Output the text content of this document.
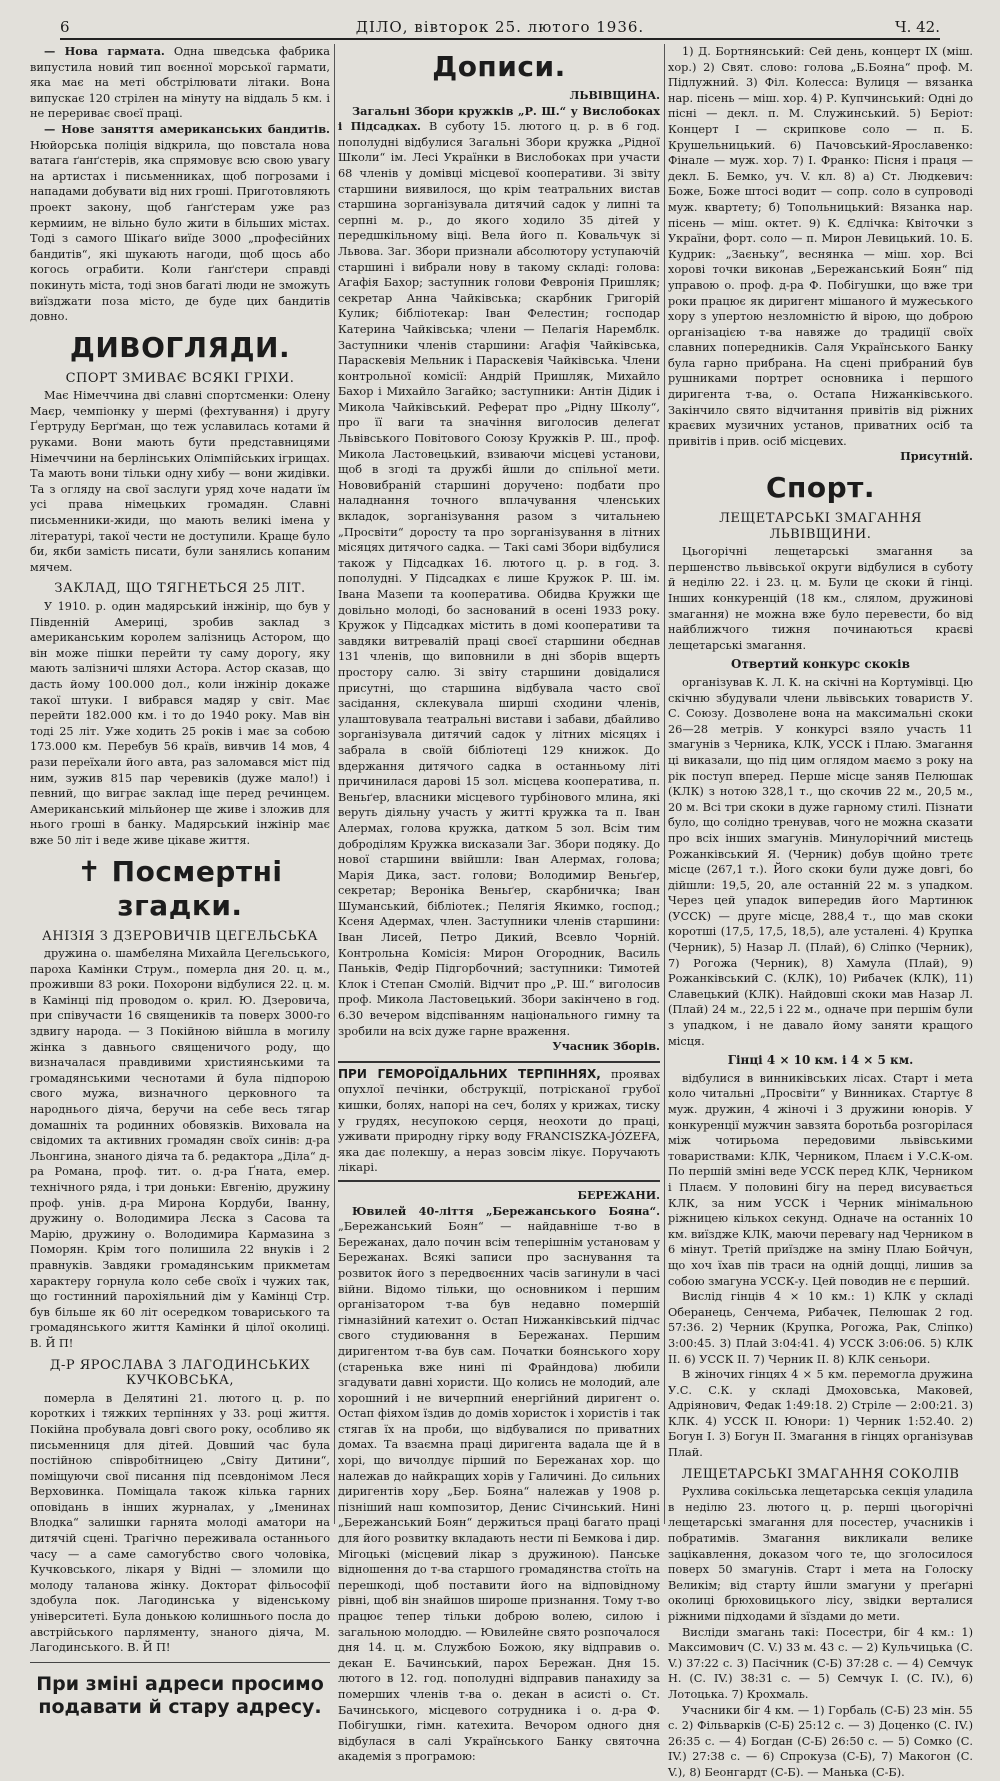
6	ДІЛО, вівторок 25. лютого 1936.	Ч. 42.

— Нова гармата. Одна шведська фабрика випустила новий тип воєнної морської гармати, яка має на меті обстрілювати літаки. Вона випускає 120 стрілен на мінуту на віддаль 5 км. і не перериває своєї праці.

— Нове заняття американських бандитів. Нюйорська поліція відкрила, що повстала нова ватага ґанґстерів, яка спрямовує всю свою увагу на артистах і письменниках, щоб погрозами і нападами добувати від них гроші. Приготовляють проект закону, щоб ґанґстерам уже раз кермиим, не вільно було жити в більших містах. Тоді з самого Шікаґо виїде 3000 „професійних бандитів“, які шукають нагоди, щоб щось або когось ограбити. Коли ґанґстери справді покинуть міста, тоді знов багаті люди не зможуть виїзджати поза місто, де буде цих бандитів довно.

ДИВОГЛЯДИ.
СПОРТ ЗМИВАЄ ВСЯКІ ГРІХИ.

Має Німеччина дві славні спортсменки: Олену Маєр, чемпіонку у шермі (фехтування) і другу Ґертруду Берґман, що теж уславилась котами й руками. Вони мають бути представницями Німеччини на берлінських Олімпійських ігрищах. Та мають вони тільки одну хибу — вони жидівки. Та з огляду на свої заслуги уряд хоче надати їм усі права німецьких громадян. Славні письменники-жиди, що мають великі імена у літературі, такої чести не доступили. Краще було би, якби замість писати, були занялись копаним мячем.

ЗАКЛАД, ЩО ТЯГНЕТЬСЯ 25 ЛІТ.

У 1910. р. один мадярський інжінір, що був у Південній Америці, зробив заклад з американським королем залізниць Астором, що він може пішки перейти ту саму дорогу, яку мають залізничі шляхи Астора. Астор сказав, що дасть йому 100.000 дол., коли інжінір докаже такої штуки. І вибрався мадяр у світ. Має перейти 182.000 км. і то до 1940 року. Мав він тоді 25 літ. Уже ходить 25 років і має за собою 173.000 км. Перебув 56 країв, вивчив 14 мов, 4 рази переїхали його авта, раз заломався міст під ним, зужив 815 пар черевиків (дуже мало!) і певний, що виграє заклад іще перед речинцем. Американський мільйонер ще живе і зложив для нього гроші в банку. Мадярський інжінір має вже 50 літ і веде живе цікаве життя.

✝ Посмертні згадки.
АНІЗІЯ З ДЗЕРОВИЧІВ ЦЕГЕЛЬСЬКА

дружина о. шамбеляна Михайла Цегельського, пароха Камінки Струм., померла дня 20. ц. м., проживши 83 роки. Похорони відбулися 22. ц. м. в Камінці під проводом о. крил. Ю. Дзеровича, при співучасти 16 священиків та поверх 3000-го здвигу народа. — З Покійною війшла в могилу жінка з давнього священичого роду, що визначалася правдивими християнськими та громадянськими чеснотами й була підпорою свого мужа, визначного церковного та народнього діяча, беручи на себе весь тягар домашніх та родинних обовязків. Виховала на свідомих та активних громадян своїх синів: д-ра Льонгина, знаного діяча та б. редактора „Діла“ д-ра Романа, проф. тит. о. д-ра Ґната, емер. технічного ряда, і три доньки: Евгенію, дружину проф. унів. д-ра Мирона Кордуби, Іванну, дружину о. Володимира Лєска з Сасова та Марію, дружину о. Володимира Кармазина з Поморян. Крім того полишила 22 внуків і 2 правнуків. Завдяки громадянським прикметам характеру горнула коло себе своїх і чужих так, що гостинний парохіяльний дім у Камінці Стр. був більше як 60 літ осередком товариського та громадянського життя Камінки й цілої околиці. В. Й П!

Д-Р ЯРОСЛАВА З ЛАГОДИНСЬКИХ КУЧКОВСЬКА,

померла в Делятині 21. лютого ц. р. по коротких і тяжких терпіннях у 33. році життя. Покійна пробувала довгі свого року, особливо як письменниця для дітей. Довший час була постійною співробітницею „Світу Дитини“, поміщуючи свої писання під псевдонімом Леся Верховинка. Поміщала також кілька гарних оповідань в інших журналах, у „Іменинах Влодка“ залишки гарнята молоді аматори на дитячій сцені. Трагічно переживала останнього часу — а саме самогубство свого чоловіка, Кучковського, лікаря у Відні — зломили що молоду таланова жінку. Докторат фільософії здобула пок. Лагодинська у віденському університеті. Була донькою колишнього посла до австрійського парляменту, знаного діяча, М. Лагодинського. В. Й П!

При зміні адреси просимо подавати й стару адресу.
Дописи.
ЛЬВІВЩИНА.

Загальні Збори кружків „Р. Ш.“ у Вислобоках і Підсадках. В суботу 15. лютого ц. р. в 6 год. пополудні відбулися Загальні Збори кружка „Рідної Школи“ ім. Лесі Українки в Вислобоках при участи 68 членів у домівці місцевої кооперативи. Зі звіту старшини виявилося, що крім театральних вистав старшина зорганізувала дитячий садок у липні та серпні м. р., до якого ходило 35 дітей у передшкільному віці. Вела його п. Ковальчук зі Львова. Заг. Збори признали абсолютору уступаючій старшині і вибрали нову в такому складі: голова: Агафія Бахор; заступник голови Февронія Пришляк; секретар Анна Чайківська; скарбник Григорій Кулик; бібліотекар: Іван Фелестин; господар Катерина Чайківська; члени — Пелагія Наремблк. Заступники членів старшини: Агафія Чайківська, Параскевія Мельник і Параскевія Чайківська. Члени контрольної комісії: Андрій Пришляк, Михайло Бахор і Михайло Загайко; заступники: Антін Дідик і Микола Чайківський. Реферат про „Рідну Школу“, про її ваги та значіння виголосив делегат Львівського Повітового Союзу Кружків Р. Ш., проф. Микола Ластовецький, взиваючи місцеві установи, щоб в згоді та дружбі йшли до спільної мети. Нововибраній старшині доручено: подбати про наладнання точного вплачування членських вкладок, зорганізування разом з читальнею „Просвіти“ доросту та про зорганізування в літних місяцях дитячого садка. — Такі самі Збори відбулися також у Підсадках 16. лютого ц. р. в год. 3. пополудні. У Підсадках є лише Кружок Р. Ш. ім. Івана Мазепи та кооператива. Обидва Кружки ще довільно молоді, бо заснований в осені 1933 року. Кружок у Підсадках містить в домі кооперативи та завдяки витревалій праці своєї старшини обєднав 131 членів, що виповнили в дні зборів вщерть простору салю. Зі звіту старшини довідалися присутні, що старшина відбувала часто свої засідання, склекувала ширші сходини членів, улаштовувала театральні вистави і забави, дбайливо зорганізувала дитячий садок у літних місяцях і забрала в своїй бібліотеці 129 книжок. До вдержання дитячого садка в останньому літі причинилася дарові 15 зол. місцева кооператива, п. Веньґер, власники місцевого турбінового млина, які веруть діяльну участь у житті кружка та п. Іван Алермах, голова кружка, датком 5 зол. Всім тим доброділям Кружка висказали Заг. Збори подяку. До нової старшини ввійшли: Іван Алермах, голова; Марія Дика, заст. голови; Володимир Веньґер, секретар; Вероніка Веньґер, скарбничка; Іван Шуманський, бібліотек.; Пелягія Якимко, господ.; Ксеня Адермах, член. Заступники членів старшини: Іван Лисей, Петро Дикий, Всевло Чорній. Контрольна Комісія: Мирон Огородник, Василь Паньків, Федір Підгорбочний; заступники: Тимотей Клок і Степан Смолій. Відчит про „Р. Ш.“ виголосив проф. Микола Ластовецький. Збори закінчено в год. 6.30 вечером відспіванням національного гимну та зробили на всіх дуже гарне враження.

Учасник Зборів.
ПРИ ГЕМОРОЇДАЛЬНИХ ТЕРПІННЯХ, проявах опухлої печінки, обструкції, потрісканої грубої кишки, болях, напорі на сеч, болях у крижах, тиску у грудях, несупокою серця, неохоти до праці, уживати природну гірку воду FRANCISZKA-JÓZEFA, яка дає полекшу, а нераз зовсім лікує. Поручають лікарі.
БЕРЕЖАНИ.

Ювилей 40-ліття „Бережанського Бояна“. „Бережанський Боян“ — найдавніше т-во в Бережанах, дало почин всім теперішнім установам у Бережанах. Всякі записи про заснування та розвиток його з передвоєнних часів загинули в часі війни. Відомо тільки, що основником і першим організатором т-ва був недавно помершій гімназійний катехит о. Остап Нижанківський підчас свого студиювання в Бережанах. Першим диригентом т-ва був сам. Початки боянського хору (старенька вже нині пі Фрайндова) любили згадувати давні хористи. Що колись не молодий, але хорошний і не вичерпний енергійний диригент о. Остап фіяхом їздив до домів хористок і хористів і так стягав їх на проби, що відбувалися по приватних домах. Та взаємна праці диригента вадала ще й в хорі, що вичолдує пірший по Бережанах хор. що належав до найкращих хорів у Галичині. До сильних диригентів хору „Бер. Бояна“ належав у 1908 р. пізніший наш композитор, Денис Січинський. Нині „Бережанський Боян“ держиться праці багато праці для його розвитку вкладають нести пі Бемкова і дир. Мігоцькі (місцевий лікар з дружиною). Панське відношення до т-ва старшого громадянства стоїть на перешкоді, щоб поставити його на відповідному рівні, щоб він знайшов широше признання. Тому т-во працює тепер тільки доброю волею, силою і загальною молоддю. — Ювилейне свято розпочалося дня 14. ц. м. Службою Божою, яку відправив о. декан Е. Бачинський, парох Бережан. Дня 15. лютого в 12. год. пополудні відправив панахиду за померших членів т-ва о. декан в асисті о. Ст. Бачинського, місцевого сотрудника і о. д-ра Ф. Побігушки, гімн. катехита. Вечором одного дня відбулася в салі Українського Банку святочна академія з програмою:

1) Д. Бортнянський: Сей день, концерт IX (міш. хор.) 2) Свят. слово: голова „Б.Бояна“ проф. М. Підлужний. 3) Філ. Колесса: Вулиця — вязанка нар. пісень — міш. хор. 4) Р. Купчинський: Одні до пісні — декл. п. М. Служинський. 5) Беріот: Концерт I — скрипкове соло — п. Б. Крушельницький. 6) Пачовський-Ярославенко: Фінале — муж. хор. 7) І. Франко: Пісня і праця — декл. Б. Бемко, уч. V. кл. 8) а) Ст. Людкевич: Боже, Боже штосі водит — сопр. соло в супроводі муж. квартету; б) Топольницький: Вязанка нар. пісень — міш. октет. 9) К. Єдлічка: Квіточки з України, форт. соло — п. Мирон Левицький. 10. Б. Кудрик: „Заєньку“, веснянка — міш. хор. Всі хорові точки виконав „Бережанський Боян“ під управою о. проф. д-ра Ф. Побігушки, що вже три роки працює як диригент мішаного й мужеського хору з упертою незломністю й вірою, що доброю організацією т-ва навяже до традиції своїх славних попередників. Саля Українського Банку була гарно прибрана. На сцені прибраний був рушниками портрет основника і першого диригента т-ва, о. Остапа Нижанківського. Закінчило свято відчитання привітів від ріжних краєвих музичних установ, приватних осіб та привітів і прив. осіб місцевих.

Присутній.
Спорт.
ЛЕЩЕТАРСЬКІ ЗМАГАННЯ ЛЬВІВЩИНИ.

Цьогорічні лещетарські змагання за першенство львівської округи відбулися в суботу й неділю 22. і 23. ц. м. Були це скоки й гінці. Інших конкуренцій (18 км., слялом, дружинові змагання) не можна вже було перевести, бо від найближчого тижня починаються краєві лещетарські змагання.

Отвертий конкурс скоків

організував К. Л. К. на скічні на Кортумівці. Цю скічню збудували члени львівських товариств У. С. Союзу. Дозволене вона на максимальні скоки 26—28 метрів. У конкурсі взяло участь 11 змагунів з Черника, КЛК, УССК і Плаю. Змагання ці виказали, що під цим оглядом маємо з року на рік поступ вперед. Перше місце заняв Пелюшак (КЛК) з нотою 328,1 т., що скочив 22 м., 20,5 м., 20 м. Всі три скоки в дуже гарному стилі. Пізнати було, що солідно тренував, чого не можна сказати про всіх інших змагунів. Минулорічний мистець Рожанківський Я. (Черник) добув щойно третє місце (267,1 т.). Його скоки були дуже довгі, бо дійшли: 19,5, 20, але останній 22 м. з упадком. Через цей упадок випередив його Мартинюк (УССК) — друге місце, 288,4 т., що мав скоки коротші (17,5, 17,5, 18,5), але усталені. 4) Крупка (Черник), 5) Назар Л. (Плай), 6) Сліпко (Черник), 7) Рогожа (Черник), 8) Хамула (Плай), 9) Рожанківський С. (КЛК), 10) Рибачек (КЛК), 11) Славецький (КЛК). Найдовші скоки мав Назар Л. (Плай) 24 м., 22,5 і 22 м., одначе при першім були з упадком, і не давало йому заняти кращого місця.

Гінці 4 × 10 км. і 4 × 5 км.

відбулися в винниківських лісах. Старт і мета коло читальні „Просвіти“ у Винниках. Стартує 8 муж. дружин, 4 жіночі і 3 дружини юнорів. У конкуренції мужчин завзята боротьба розгорілася між чотирьома передовими львівськими товариствами: КЛК, Черником, Плаєм і У.С.К-ом. По першій зміні веде УССК перед КЛК, Черником і Плаєм. У половині бігу на перед висувається КЛК, за ним УССК і Черник мінімальною ріжницею кількох секунд. Одначе на останніх 10 км. виїздже КЛК, маючи перевагу над Черником в 6 мінут. Третій приїздже на зміну Плаю Бойчун, що хоч їхав пів траси на одній дощці, лишив за собою змагуна УССК-у. Цей поводив не є перший.

Вислід гінців 4 × 10 км.: 1) КЛК у складі Оберанець, Сенчема, Рибачек, Пелюшак 2 год. 57:36. 2) Черник (Крупка, Рогожа, Рак, Сліпко) 3:00:45. 3) Плай 3:04:41. 4) УССК 3:06:06. 5) КЛК II. 6) УССК II. 7) Черник II. 8) КЛК сеньори.

В жіночих гінцях 4 × 5 км. перемогла дружина У.С. С.К. у складі Дмоховська, Маковей, Адріянович, Федак 1:49:18. 2) Стріле — 2:00:21. 3) КЛК. 4) УССК II. Юнори: 1) Черник 1:52.40. 2) Богун I. 3) Богун II. Змагання в гінцях організував Плай.

ЛЕЩЕТАРСЬКІ ЗМАГАННЯ СОКОЛІВ

Рухлива сокільська лещетарська секція уладила в неділю 23. лютого ц. р. перші цьогорічні лещетарські змагання для посестер, учасників і побратимів. Змагання викликали велике зацікавлення, доказом чого те, що зголосилося поверх 50 змагунів. Старт і мета на Голоску Великім; від старту йшли змагуни у преґарні околиці брюховицького лісу, звідки верталися ріжними підходами й зїздами до мети.

Висліди змагань такі: Посестри, біг 4 км.: 1) Максимович (С. V.) 33 м. 43 с. — 2) Кульчицька (С. V.) 37:22 с. 3) Пасічник (С-Б) 37:28 с. — 4) Семчук Н. (С. IV.) 38:31 с. — 5) Семчук І. (С. IV.), 6) Лотоцька. 7) Крохмаль.

Учасники біг 4 км. — 1) Горбаль (С-Б) 23 мін. 55 с. 2) Фільварків (С-Б) 25:12 с. — 3) Доценко (С. IV.) 26:35 с. — 4) Богдан (С-Б) 26:50 с. — 5) Сомко (С. IV.) 27:38 с. — 6) Спрокуза (С-Б), 7) Макогон (С. V.), 8) Беонгардт (С-Б). — Манька (С-Б).
